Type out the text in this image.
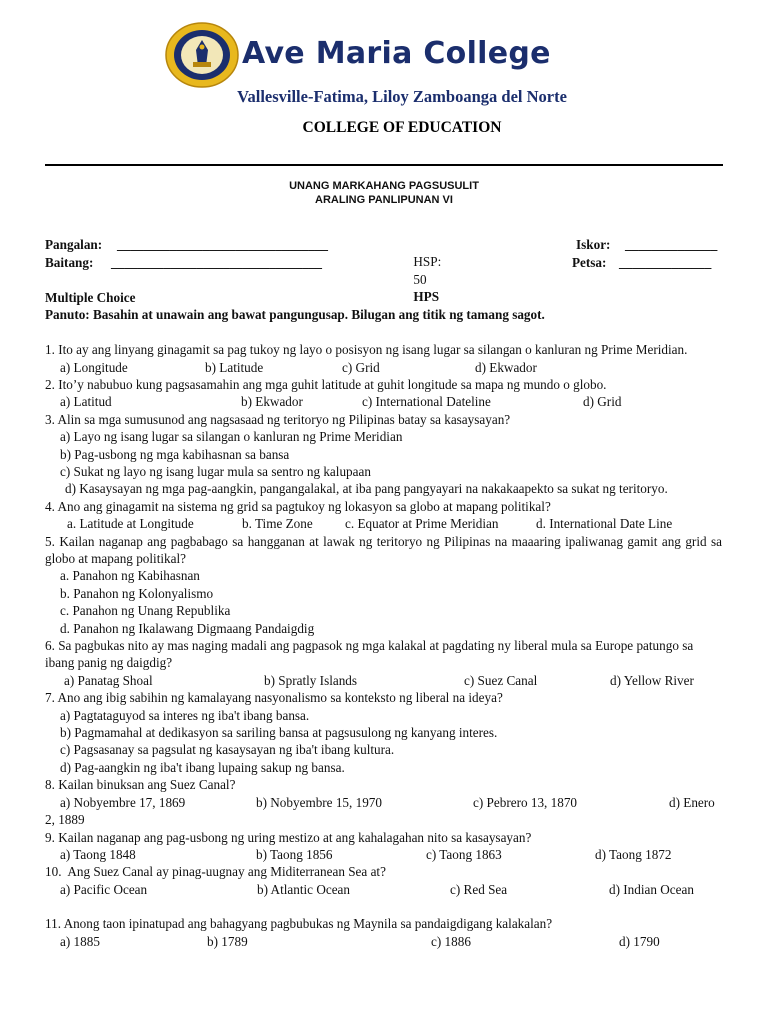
Ave Maria College
Vallesville-Fatima, Liloy Zamboanga del Norte
COLLEGE OF EDUCATION
UNANG MARKAHANG PAGSUSULIT
ARALING PANLIPUNAN VI
Pangalan: ________________________________

HSP:
50
HPS

Iskor: ______________
Baitang: ________________________________	Petsa: ______________

Multiple Choice

Panuto: Basahin at unawain ang bawat pangungusap. Bilugan ang titik ng tamang sagot.

1. Ito ay ang linyang ginagamit sa pag tukoy ng layo o posisyon ng isang lugar sa silangan o kanluran ng Prime Meridian.

a) Longitude	b) Latitude	c) Grid	d) Ekwador

2. Ito’y nabubuo kung pagsasamahin ang mga guhit latitude at guhit longitude sa mapa ng mundo o globo.

a) Latitud	b) Ekwador	c) International Dateline	d) Grid

3. Alin sa mga sumusunod ang nagsasaad ng teritoryo ng Pilipinas batay sa kasaysayan?

a) Layo ng isang lugar sa silangan o kanluran ng Prime Meridian

b) Pag-usbong ng mga kabihasnan sa bansa

c) Sukat ng layo ng isang lugar mula sa sentro ng kalupaan

d) Kasaysayan ng mga pag-aangkin, pangangalakal, at iba pang pangyayari na nakakaapekto sa sukat ng teritoryo.

4. Ano ang ginagamit na sistema ng grid sa pagtukoy ng lokasyon sa globo at mapang politikal?

a. Latitude at Longitude	b. Time Zone c. Equator at Prime Meridian	d. International Date Line

5. Kailan naganap ang pagbabago sa hangganan at lawak ng teritoryo ng Pilipinas na maaaring ipaliwanag gamit ang grid sa globo at mapang politikal?

a. Panahon ng Kabihasnan

b. Panahon ng Kolonyalismo

c. Panahon ng Unang Republika

d. Panahon ng Ikalawang Digmaang Pandaigdig

6. Sa pagbukas nito ay mas naging madali ang pagpasok ng mga kalakal at pagdating ny liberal mula sa Europe patungo sa ibang panig ng daigdig?

a) Panatag Shoal	b) Spratly Islands	c) Suez Canal	d) Yellow River

7. Ano ang ibig sabihin ng kamalayang nasyonalismo sa konteksto ng liberal na ideya?

a) Pagtataguyod sa interes ng iba't ibang bansa.

b) Pagmamahal at dedikasyon sa sariling bansa at pagsusulong ng kanyang interes.

c) Pagsasanay sa pagsulat ng kasaysayan ng iba't ibang kultura.

d) Pag-aangkin ng iba't ibang lupaing sakup ng bansa.

8. Kailan binuksan ang Suez Canal?

a) Nobyembre 17, 1869	b) Nobyembre 15, 1970	c) Pebrero 13, 1870	d) Enero

2, 1889

9. Kailan naganap ang pag-usbong ng uring mestizo at ang kahalagahan nito sa kasaysayan?

a) Taong 1848	b) Taong 1856	c) Taong 1863	d) Taong 1872

10.  Ang Suez Canal ay pinag-uugnay ang Miditerranean Sea at?

a) Pacific Ocean	b) Atlantic Ocean	c) Red Sea	d) Indian Ocean

11. Anong taon ipinatupad ang bahagyang pagbubukas ng Maynila sa pandaigdigang kalakalan?

a) 1885	b) 1789	c) 1886	d) 1790
